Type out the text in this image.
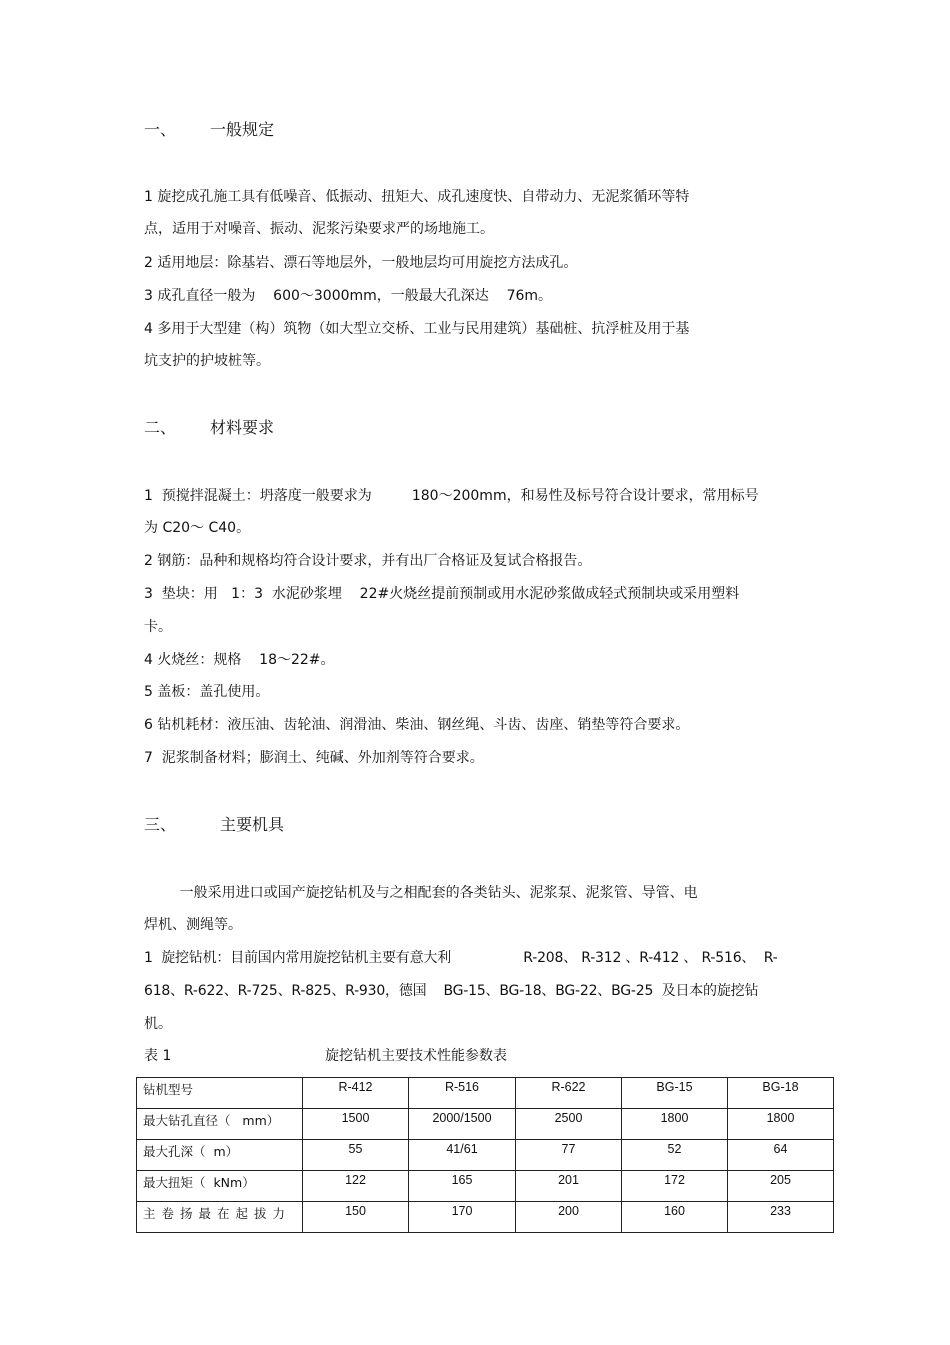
一、 一般规定
1 旋挖成孔施工具有低噪音、低振动、扭矩大、成孔速度快、自带动力、无泥浆循环等特
点，适用于对噪音、振动、泥浆污染要求严的场地施工。
2 适用地层：除基岩、漂石等地层外，一般地层均可用旋挖方法成孔。
3 成孔直径一般为    600～3000mm，一般最大孔深达    76m。
4 多用于大型建（构）筑物（如大型立交桥、工业与民用建筑）基础桩、抗浮桩及用于基
坑支护的护坡桩等。
二、 材料要求
1  预搅拌混凝土：坍落度一般要求为         180～200mm，和易性及标号符合设计要求，常用标号
为 C20～ C40。
2 钢筋：品种和规格均符合设计要求，并有出厂合格证及复试合格报告。
3  垫块：用   1：3  水泥砂浆埋    22#火烧丝提前预制或用水泥砂浆做成轻式预制块或采用塑料
卡。
4 火烧丝：规格    18～22#。
5 盖板：盖孔使用。
6 钻机耗材：液压油、齿轮油、润滑油、柴油、钢丝绳、斗齿、齿座、销垫等符合要求。
7  泥浆制备材料；膨润土、纯碱、外加剂等符合要求。
三、	主要机具
一般采用进口或国产旋挖钻机及与之相配套的各类钻头、泥浆泵、泥浆管、导管、电
焊机、测绳等。
1  旋挖钻机：目前国内常用旋挖钻机主要有意大利                 R-208、 R-312 、R-412 、 R-516、  R-
618、R-622、R-725、R-825、R-930，德国    BG-15、BG-18、BG-22、BG-25  及日本的旋挖钻
机。
表 1	旋挖钻机主要技术性能参数表
钻机型号	R-412	R-516	R-622	BG-15	BG-18
最大钻孔直径（   mm）	1500	2000/1500	2500	1800	1800
最大孔深（  m）	55	41/61	77	52	64
最大扭矩（  kNm）	122	165	201	172	205
主卷扬最在起拔力	150	170	200	160	233
